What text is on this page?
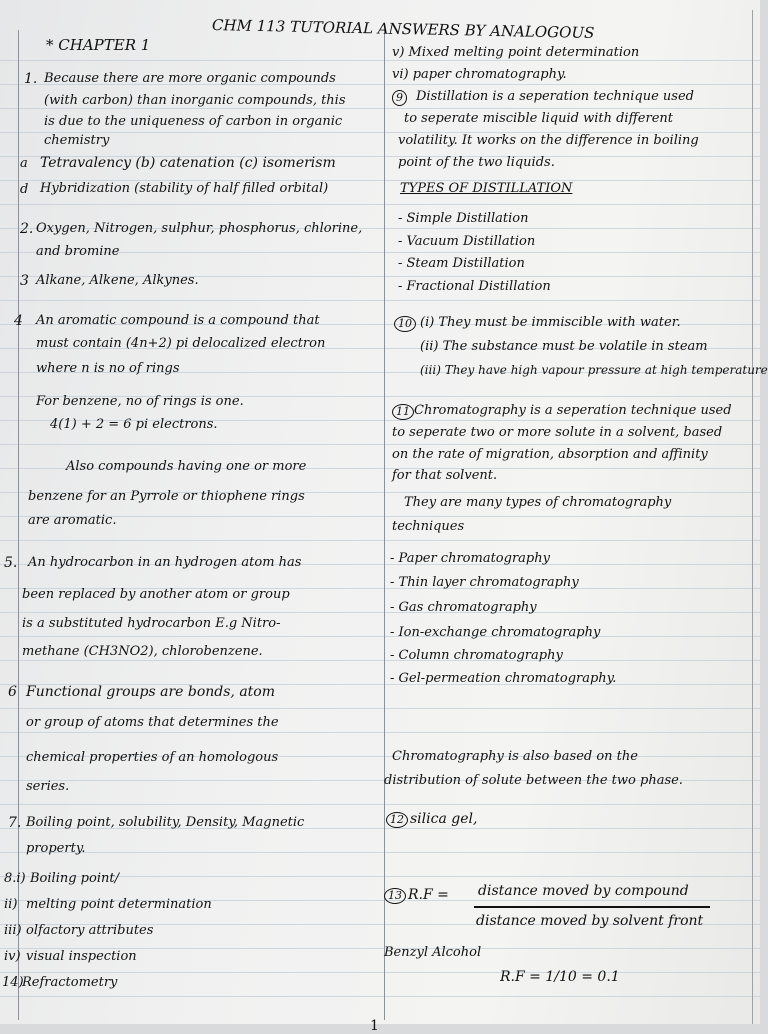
CHM 113 TUTORIAL ANSWERS BY ANALOGOUS

* CHAPTER 1

1. Because there are more organic compounds

(with carbon) than inorganic compounds, this

is due to the uniqueness of carbon in organic

chemistry

a Tetravalency (b) catenation (c) isomerism

d Hybridization (stability of half filled orbital)

2. Oxygen, Nitrogen, sulphur, phosphorus, chlorine,

and bromine

3 Alkane, Alkene, Alkynes.

4 An aromatic compound is a compound that

must contain (4n+2) pi delocalized electron

where n is no of rings

For benzene, no of rings is one.

4(1) + 2 = 6 pi electrons.

Also compounds having one or more

benzene for an Pyrrole or thiophene rings

are aromatic.

5. An hydrocarbon in an hydrogen atom has

been replaced by another atom or group

is a substituted hydrocarbon E.g Nitro-

methane (CH3NO2), chlorobenzene.

6 Functional groups are bonds, atom

or group of atoms that determines the

chemical properties of an homologous

series.

7. Boiling point, solubility, Density, Magnetic

property.

8.i) Boiling point/

ii) melting point determination

iii) olfactory attributes

iv) visual inspection

14)

Refractometry

v) Mixed melting point determination

vi) paper chromatography.

9	Distillation is a seperation technique used

to seperate miscible liquid with different

volatility. It works on the difference in boiling

point of the two liquids.

TYPES OF DISTILLATION

- Simple Distillation

- Vacuum Distillation

- Steam Distillation

- Fractional Distillation

10 (i) They must be immiscible with water.

(ii) The substance must be volatile in steam

(iii) They have high vapour pressure at high temperature

11 Chromatography is a seperation technique used

to seperate two or more solute in a solvent, based

on the rate of migration, absorption and affinity

for that solvent.

They are many types of chromatography

techniques

- Paper chromatography

- Thin layer chromatography

- Gas chromatography

- Ion-exchange chromatography

- Column chromatography

- Gel-permeation chromatography.

Chromatography is also based on the

distribution of solute between the two phase.

12 silica gel,

13 R.F = distance moved by compound

distance moved by solvent front

Benzyl Alcohol

R.F = 1/10 = 0.1

1
